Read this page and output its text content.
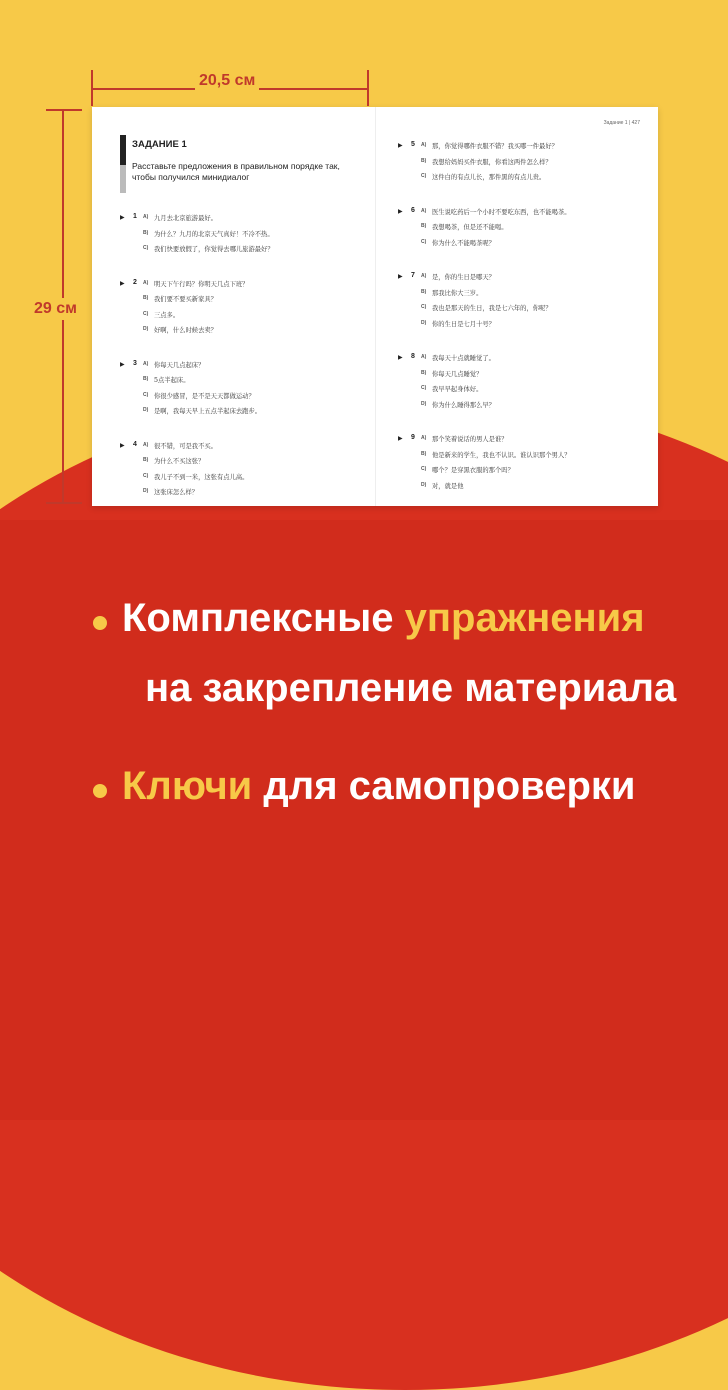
20,5 см
29 см
Задание 1 | 427
ЗАДАНИЕ 1
Расставьте предложения в правильном порядке так, чтобы получился минидиалог
▶ 1 A) 九月去北京旅游最好。
B) 为什么？九月的北京天气真好！不冷不热。
C) 我们快要放假了，你觉得去哪儿旅游最好？
▶ 2 A) 明天下午行吗？你明天几点下班？
B) 我们要不要买新家具？
C) 三点多。
D) 好啊，什么时候去卖？
▶ 3 A) 你每天几点起床？
B) 5点半起床。
C) 你很少感冒，是不是天天都做运动？
D) 是啊，我每天早上五点半起床去跑步。
▶ 4 A) 很不错，可是我不买。
B) 为什么不买这张？
C) 我儿子不到一米，这张有点儿高。
D) 这张床怎么样？
▶ 5 A) 那，你觉得哪件衣服不错？我买哪一件最好？
B) 我想给妈妈买件衣服，你看这两件怎么样？
C) 这件白的有点儿长，那件黑的有点儿贵。
▶ 6 A) 医生说吃药后一个小时不要吃东西，也不能喝茶。
B) 我想喝茶，但是还不能喝。
C) 你为什么不能喝茶呢？
▶ 7 A) 是，你的生日是哪天？
B) 那我比你大三岁。
C) 我也是那天的生日，我是七六年的，你呢？
D) 你的生日是七月十号？
▶ 8 A) 我每天十点就睡觉了。
B) 你每天几点睡觉？
C) 我早早起身体好。
D) 你为什么睡得那么早？
▶ 9 A) 那个笑着说话的男人是谁？
B) 他是新来的学生，我也不认识。谁认识那个男人？
C) 哪个？是穿黑衣服的那个吗？
D) 对，就是他
Комплексные упражнения
на закрепление материала
Ключи для самопроверки
